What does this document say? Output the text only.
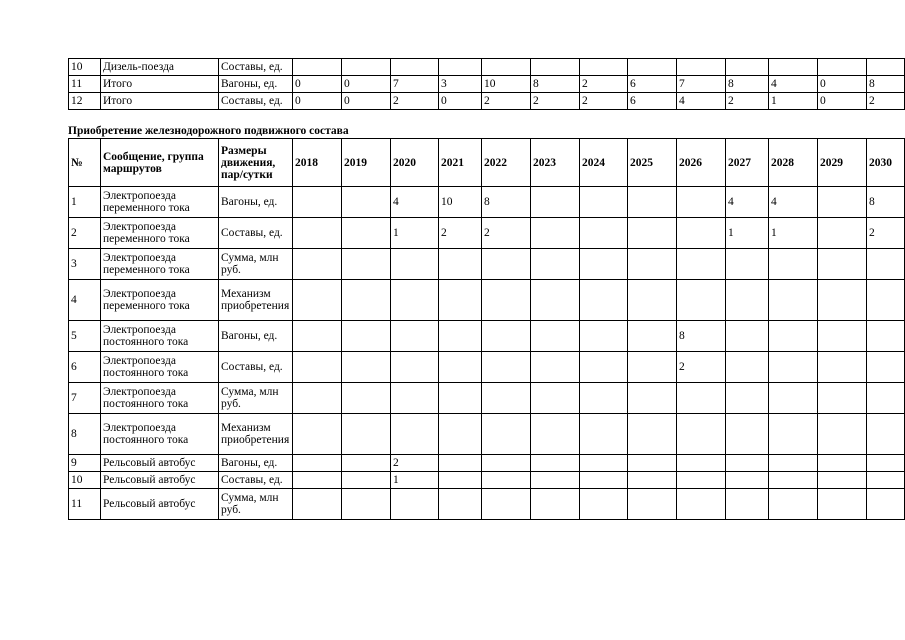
10	Дизель-поезда	Составы, ед.													
11	Итого	Вагоны, ед.	0	0	7	3	10	8	2	6	7	8	4	0	8
12	Итого	Составы, ед.	0	0	2	0	2	2	2	6	4	2	1	0	2
Приобретение железнодорожного подвижного состава
№	Сообщение, группа маршрутов	Размеры движения, пар/сутки	2018	2019	2020	2021	2022	2023	2024	2025	2026	2027	2028	2029	2030
1	Электропоезда переменного тока	Вагоны, ед.			4	10	8					4	4		8
2	Электропоезда переменного тока	Составы, ед.			1	2	2					1	1		2
3	Электропоезда переменного тока	Сумма, млн руб.													
4	Электропоезда переменного тока	Механизм приобретения													
5	Электропоезда постоянного тока	Вагоны, ед.									8				
6	Электропоезда постоянного тока	Составы, ед.									2				
7	Электропоезда постоянного тока	Сумма, млн руб.													
8	Электропоезда постоянного тока	Механизм приобретения													
9	Рельсовый автобус	Вагоны, ед.			2										
10	Рельсовый автобус	Составы, ед.			1										
11	Рельсовый автобус	Сумма, млн руб.													
